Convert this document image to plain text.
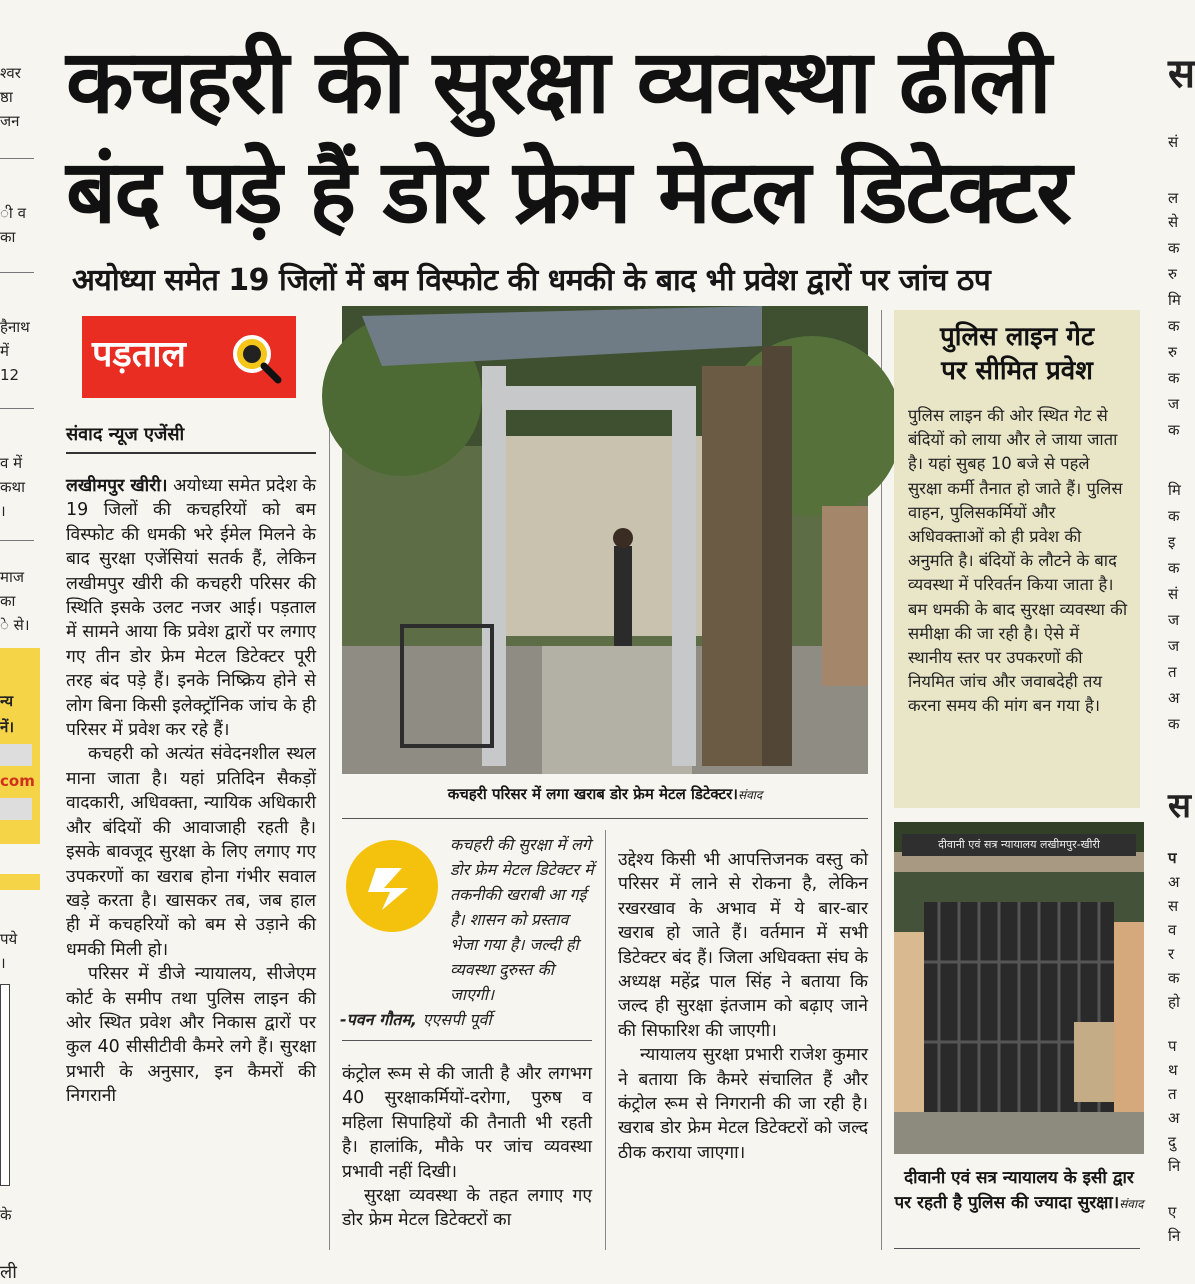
कचहरी की सुरक्षा व्यवस्था ढीली
बंद पड़े हैं डोर फ्रेम मेटल डिटेक्टर
अयोध्या समेत 19 जिलों में बम विस्फोट की धमकी के बाद भी प्रवेश द्वारों पर जांच ठप
श्वर
ष्ठा
जन
ी व
का
हैनाथ
में
12
व में
कथा
।
माज
का
े से।
न्य
नें।
com
पये
।
के
ली
स
सं
ल
से
क
रु
मि
क
रु
क
ज
क
मि
क
इ
क
सं
ज
ज
त
अ
क
स
प
अ
स
व
र
क
हो
प
थ
त
अ
दु
नि
ए
नि
पड़ताल
संवाद न्यूज एजेंसी

लखीमपुर खीरी। अयोध्या समेत प्रदेश के 19 जिलों की कचहरियों को बम विस्फोट की धमकी भरे ईमेल मिलने के बाद सुरक्षा एजेंसियां सतर्क हैं, लेकिन लखीमपुर खीरी की कचहरी परिसर की स्थिति इसके उलट नजर आई। पड़ताल में सामने आया कि प्रवेश द्वारों पर लगाए गए तीन डोर फ्रेम मेटल डिटेक्टर पूरी तरह बंद पड़े हैं। इनके निष्क्रिय होने से लोग बिना किसी इलेक्ट्रॉनिक जांच के ही परिसर में प्रवेश कर रहे हैं।

कचहरी को अत्यंत संवेदनशील स्थल माना जाता है। यहां प्रतिदिन सैकड़ों वादकारी, अधिवक्ता, न्यायिक अधिकारी और बंदियों की आवाजाही रहती है। इसके बावजूद सुरक्षा के लिए लगाए गए उपकरणों का खराब होना गंभीर सवाल खड़े करता है। खासकर तब, जब हाल ही में कचहरियों को बम से उड़ाने की धमकी मिली हो।

परिसर में डीजे न्यायालय, सीजेएम कोर्ट के समीप तथा पुलिस लाइन की ओर स्थित प्रवेश और निकास द्वारों पर कुल 40 सीसीटीवी कैमरे लगे हैं। सुरक्षा प्रभारी के अनुसार, इन कैमरों की निगरानी

कचहरी परिसर में लगा खराब डोर फ्रेम मेटल डिटेक्टर।संवाद
कचहरी की सुरक्षा में लगे डोर फ्रेम मेटल डिटेक्टर में तकनीकी खराबी आ गई है। शासन को प्रस्ताव भेजा गया है। जल्दी ही व्यवस्था दुरुस्त की जाएगी।
-पवन गौतम, एएसपी पूर्वी

कंट्रोल रूम से की जाती है और लगभग 40 सुरक्षाकर्मियों-दरोगा, पुरुष व महिला सिपाहियों की तैनाती भी रहती है। हालांकि, मौके पर जांच व्यवस्था प्रभावी नहीं दिखी।

सुरक्षा व्यवस्था के तहत लगाए गए डोर फ्रेम मेटल डिटेक्टरों का

उद्देश्य किसी भी आपत्तिजनक वस्तु को परिसर में लाने से रोकना है, लेकिन रखरखाव के अभाव में ये बार-बार खराब हो जाते हैं। वर्तमान में सभी डिटेक्टर बंद हैं। जिला अधिवक्ता संघ के अध्यक्ष महेंद्र पाल सिंह ने बताया कि जल्द ही सुरक्षा इंतजाम को बढ़ाए जाने की सिफारिश की जाएगी।

न्यायालय सुरक्षा प्रभारी राजेश कुमार ने बताया कि कैमरे संचालित हैं और कंट्रोल रूम से निगरानी की जा रही है। खराब डोर फ्रेम मेटल डिटेक्टरों को जल्द ठीक कराया जाएगा।

पुलिस लाइन गेट
पर सीमित प्रवेश
पुलिस लाइन की ओर स्थित गेट से बंदियों को लाया और ले जाया जाता है। यहां सुबह 10 बजे से पहले सुरक्षा कर्मी तैनात हो जाते हैं। पुलिस वाहन, पुलिसकर्मियों और अधिवक्ताओं को ही प्रवेश की अनुमति है। बंदियों के लौटने के बाद व्यवस्था में परिवर्तन किया जाता है। बम धमकी के बाद सुरक्षा व्यवस्था की समीक्षा की जा रही है। ऐसे में स्थानीय स्तर पर उपकरणों की नियमित जांच और जवाबदेही तय करना समय की मांग बन गया है।
दीवानी एवं सत्र न्यायालय लखीमपुर-खीरी
दीवानी एवं सत्र न्यायालय के इसी द्वार पर रहती है पुलिस की ज्यादा सुरक्षा।संवाद
